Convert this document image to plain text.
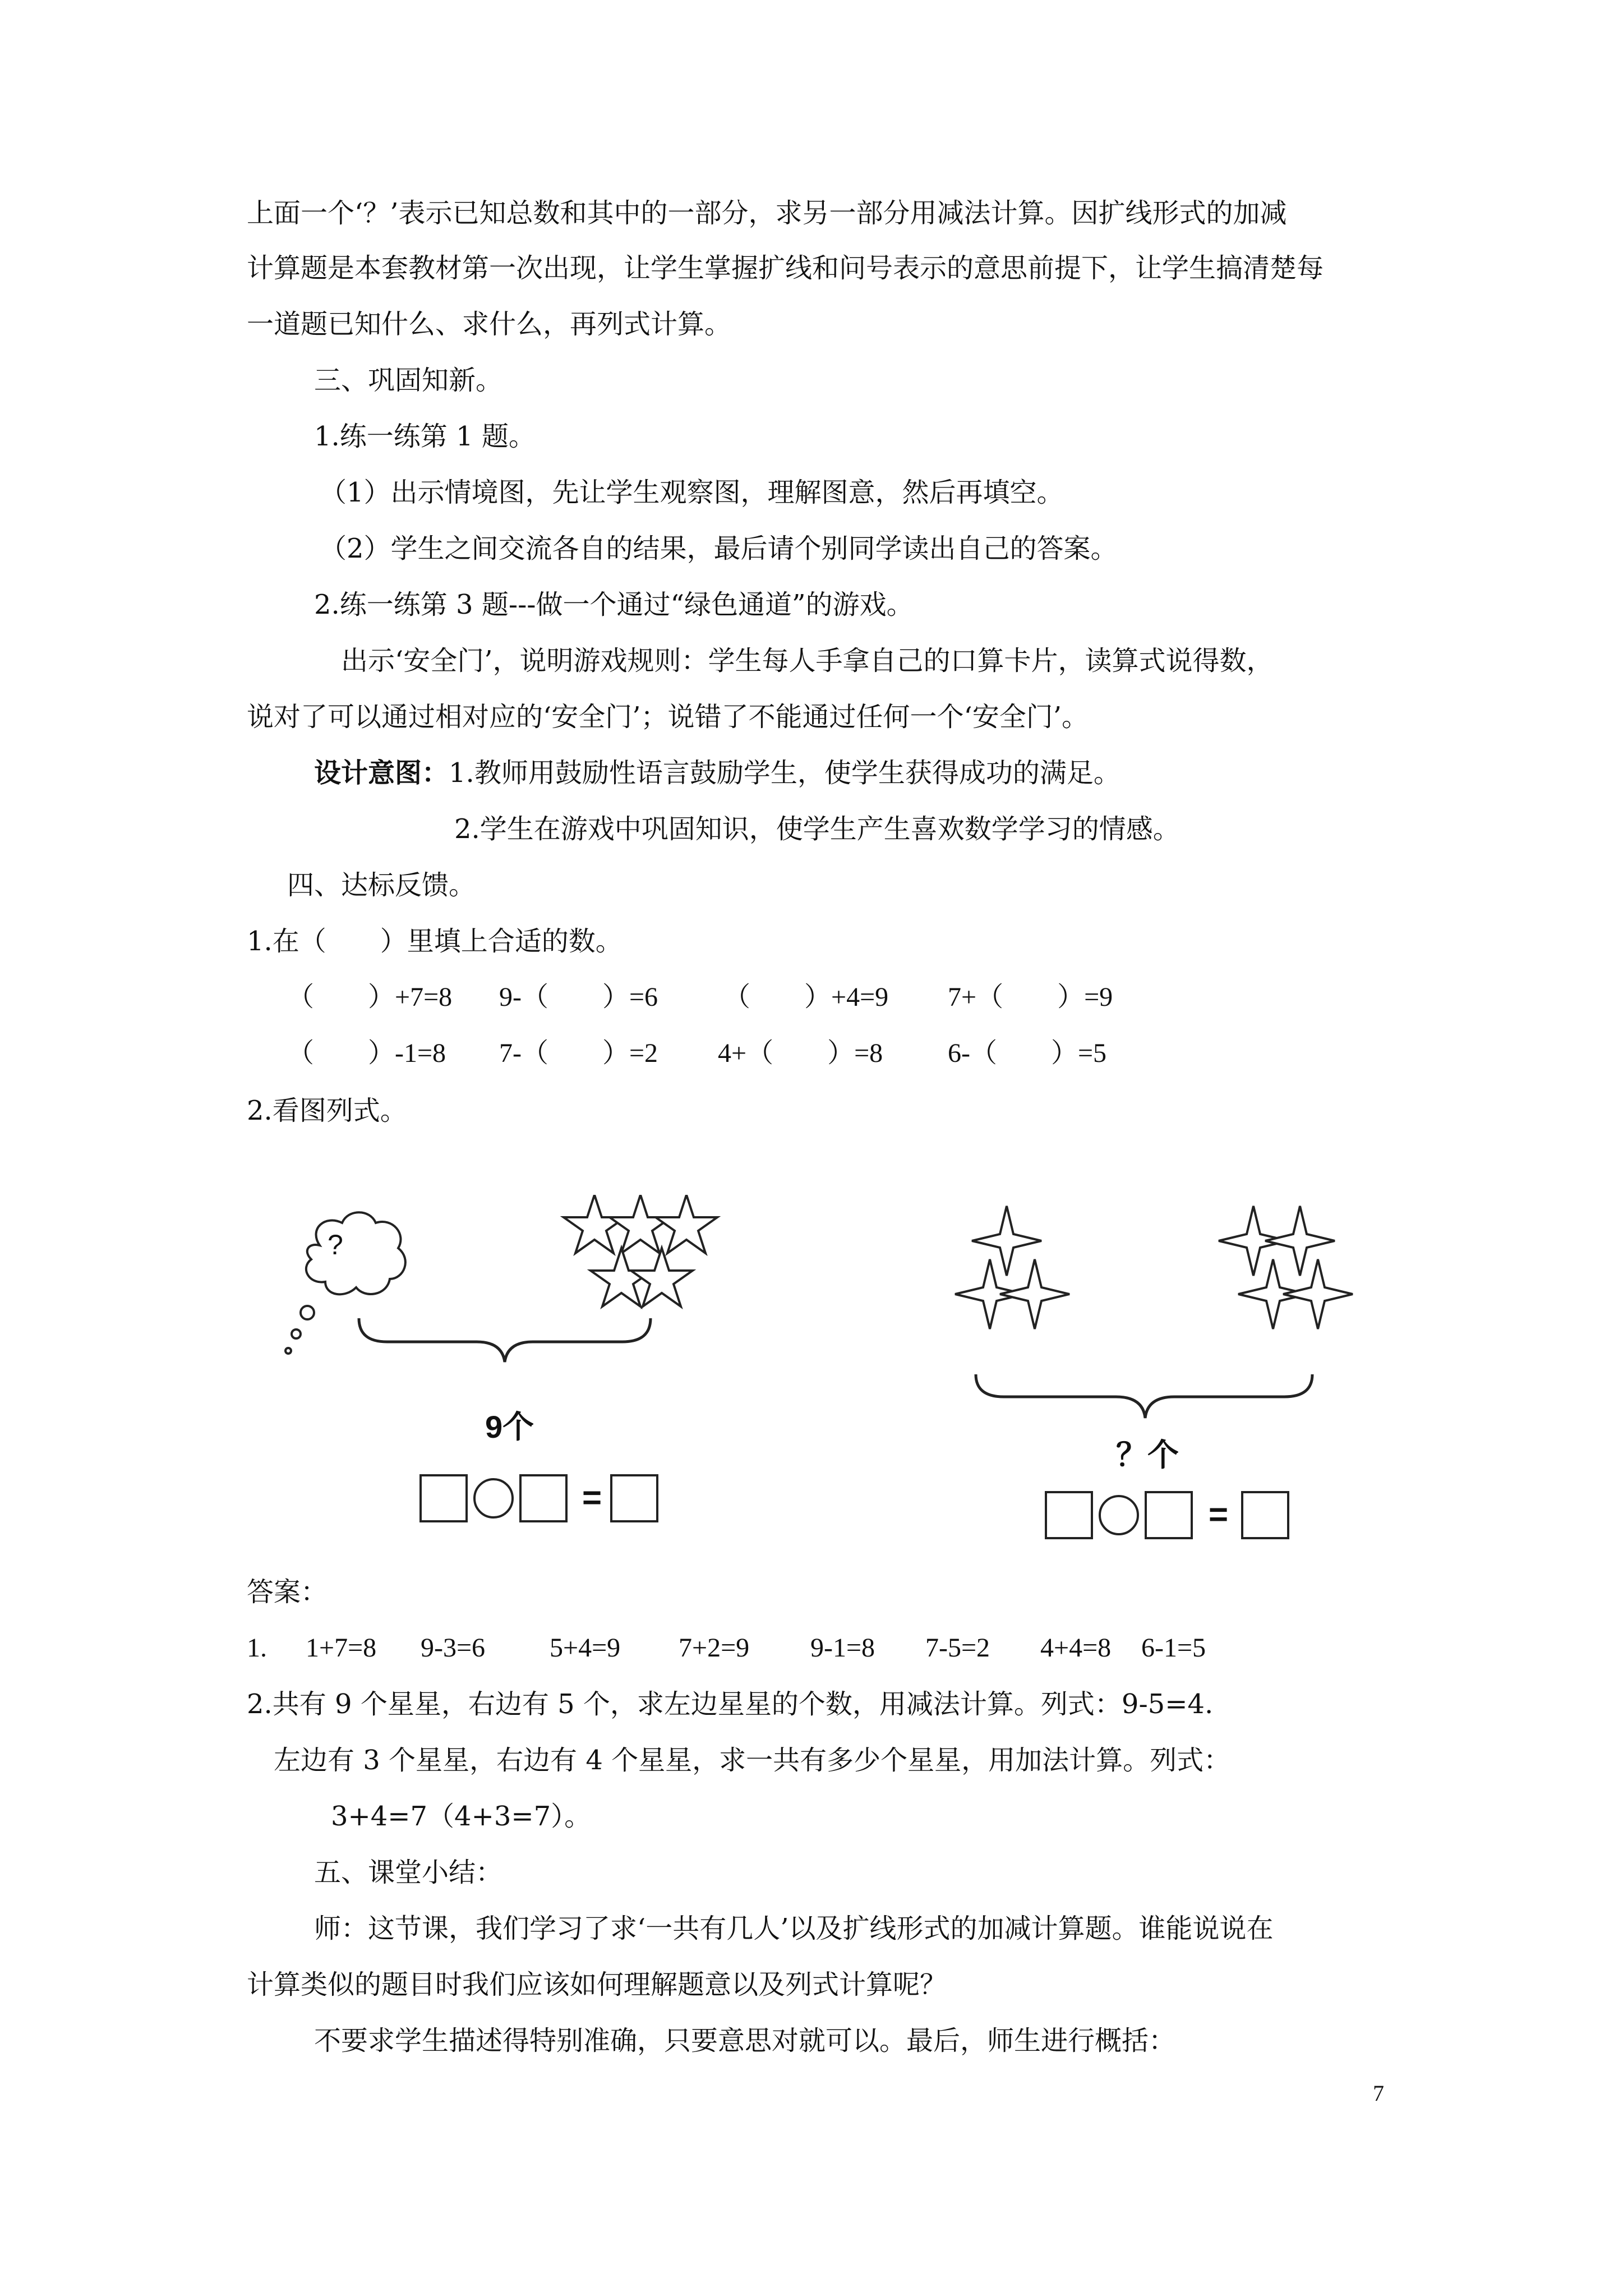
上面一个‘？’表示已知总数和其中的一部分，求另一部分用减法计算。因扩线形式的加减
计算题是本套教材第一次出现，让学生掌握扩线和问号表示的意思前提下，让学生搞清楚每
一道题已知什么、求什么，再列式计算。
三、巩固知新。
1.练一练第 1 题。
（1）出示情境图，先让学生观察图，理解图意，然后再填空。
（2）学生之间交流各自的结果，最后请个别同学读出自己的答案。
2.练一练第 3 题---做一个通过“绿色通道”的游戏。
出示‘安全门’，说明游戏规则：学生每人手拿自己的口算卡片，读算式说得数，
说对了可以通过相对应的‘安全门’；说错了不能通过任何一个‘安全门’。
设计意图：1.教师用鼓励性语言鼓励学生，使学生获得成功的满足。
2.学生在游戏中巩固知识，使学生产生喜欢数学学习的情感。
四、达标反馈。
1.在（　　）里填上合适的数。
（　　）+7=8 9-（　　）=6 （　　）+4=9 7+（　　）=9
（　　）-1=8 7-（　　）=2 4+（　　）=8 6-（　　）=5
2.看图列式。
?
9个
=
？个
=
答案：
1. 1+7=8 9-3=6 5+4=9 7+2=9 9-1=8 7-5=2 4+4=8 6-1=5
2.共有 9 个星星，右边有 5 个，求左边星星的个数，用减法计算。列式：9-5=4.
左边有 3 个星星，右边有 4 个星星，求一共有多少个星星，用加法计算。列式：
3+4=7（4+3=7）。
五、课堂小结：
师：这节课，我们学习了求‘一共有几人’以及扩线形式的加减计算题。谁能说说在
计算类似的题目时我们应该如何理解题意以及列式计算呢？
不要求学生描述得特别准确，只要意思对就可以。最后，师生进行概括：
7
